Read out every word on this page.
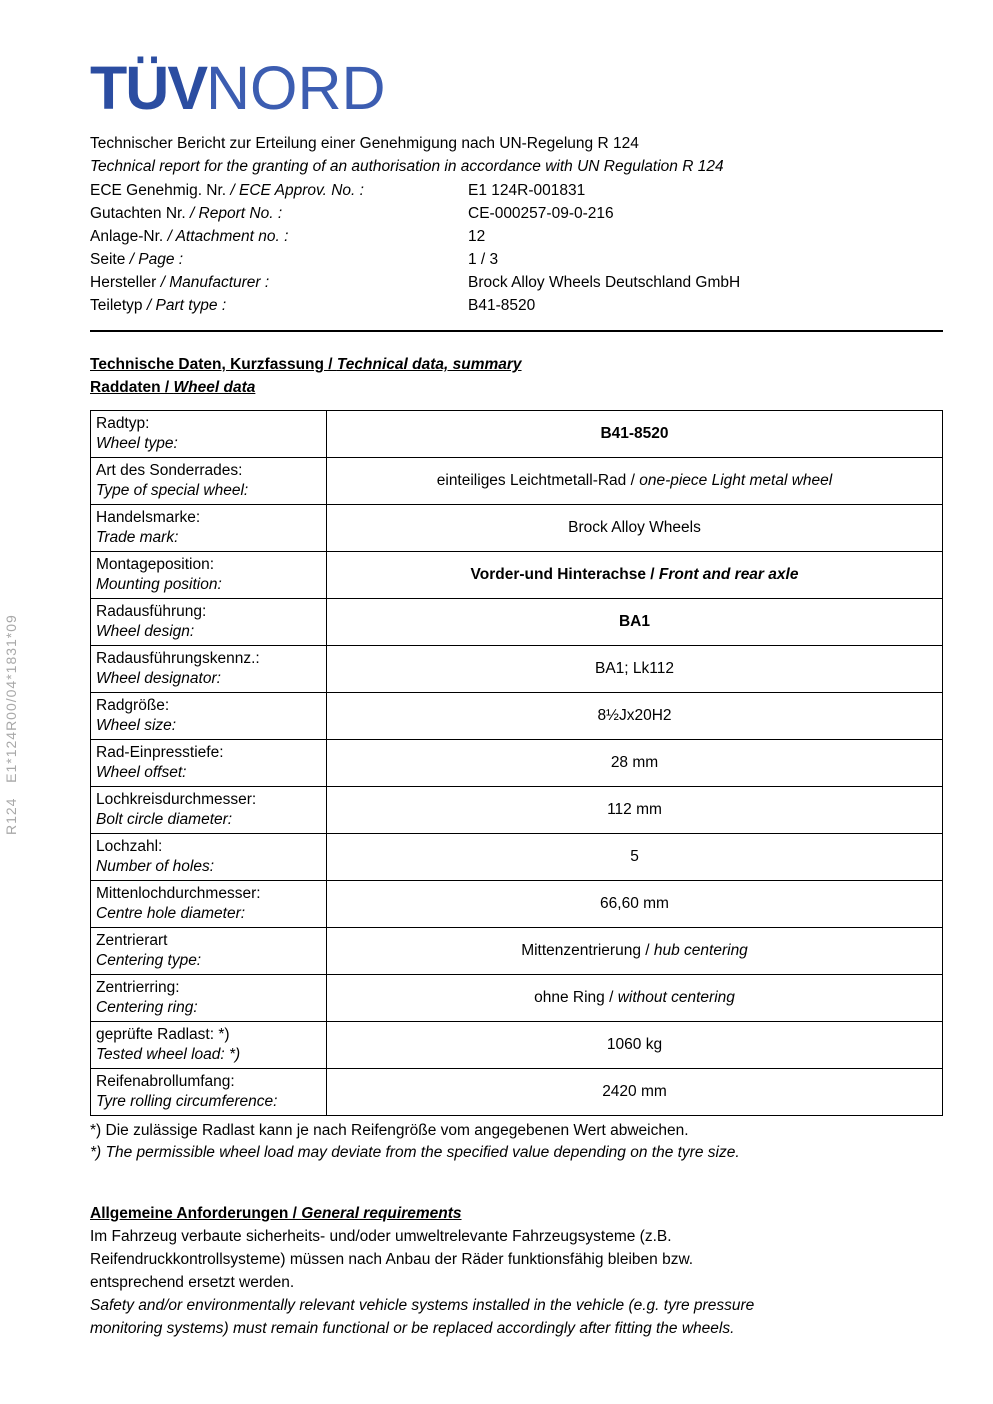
R124   E1*124R00/04*1831*09
TÜVNORD
Technischer Bericht zur Erteilung einer Genehmigung nach UN-Regelung R 124
Technical report for the granting of an authorisation in accordance with UN Regulation R 124
ECE Genehmig. Nr. / ECE Approv. No. :	E1 124R-001831
Gutachten Nr. / Report No. :	CE-000257-09-0-216
Anlage-Nr. / Attachment no. :	12
Seite / Page :	1 / 3
Hersteller / Manufacturer :	Brock Alloy Wheels Deutschland GmbH
Teiletyp / Part type :	B41-8520
Technische Daten, Kurzfassung / Technical data, summary
Raddaten / Wheel data
Radtyp:
Wheel type:	B41-8520

Art des Sonderrades:
Type of special wheel:	einteiliges Leichtmetall-Rad / one-piece Light metal wheel

Handelsmarke:
Trade mark:	Brock Alloy Wheels

Montageposition:
Mounting position:	Vorder-und Hinterachse / Front and rear axle

Radausführung:
Wheel design:	BA1

Radausführungskennz.:
Wheel designator:	BA1; Lk112

Radgröße:
Wheel size:	8½Jx20H2

Rad-Einpresstiefe:
Wheel offset:	28 mm

Lochkreisdurchmesser:
Bolt circle diameter:	112 mm

Lochzahl:
Number of holes:	5

Mittenlochdurchmesser:
Centre hole diameter:	66,60 mm

Zentrierart
Centering type:	Mittenzentrierung / hub centering

Zentrierring:
Centering ring:	ohne Ring / without centering

geprüfte Radlast: *)
Tested wheel load: *)	1060 kg

Reifenabrollumfang:
Tyre rolling circumference:	2420 mm
*) Die zulässige Radlast kann je nach Reifengröße vom angegebenen Wert abweichen.
*) The permissible wheel load may deviate from the specified value depending on the tyre size.
Allgemeine Anforderungen / General requirements
Im Fahrzeug verbaute sicherheits- und/oder umweltrelevante Fahrzeugsysteme (z.B.
Reifendruckkontrollsysteme) müssen nach Anbau der Räder funktionsfähig bleiben bzw.
entsprechend ersetzt werden.
Safety and/or environmentally relevant vehicle systems installed in the vehicle (e.g. tyre pressure
monitoring systems) must remain functional or be replaced accordingly after fitting the wheels.
